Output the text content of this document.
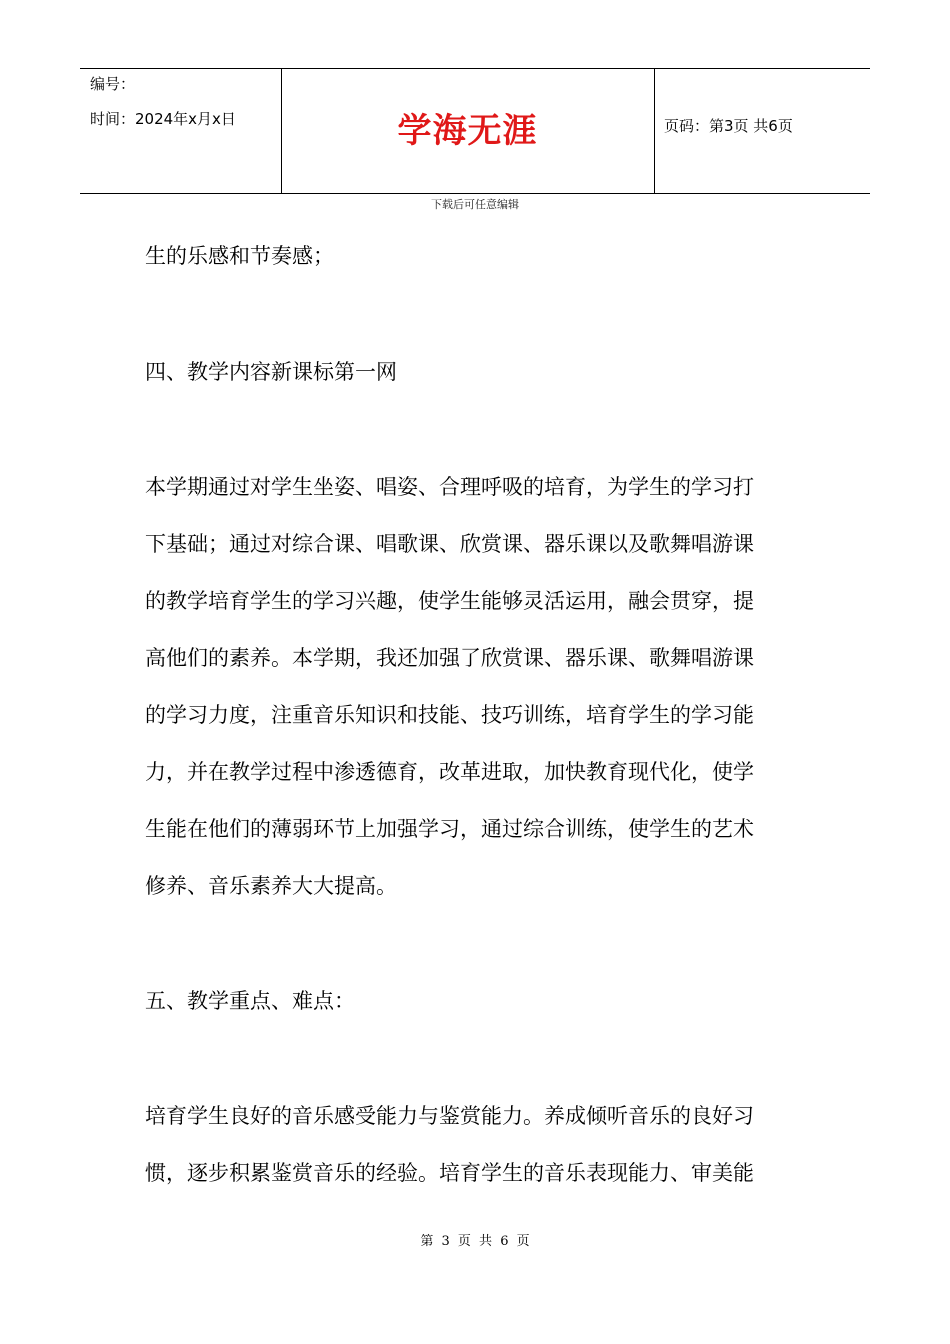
编号：
时间：2024年x月x日	学海无涯	页码：第3页 共6页
下载后可任意编辑
生的乐感和节奏感；
四、教学内容新课标第一网
本学期通过对学生坐姿、唱姿、合理呼吸的培育，为学生的学习打
下基础；通过对综合课、唱歌课、欣赏课、器乐课以及歌舞唱游课
的教学培育学生的学习兴趣，使学生能够灵活运用，融会贯穿，提
高他们的素养。本学期，我还加强了欣赏课、器乐课、歌舞唱游课
的学习力度，注重音乐知识和技能、技巧训练，培育学生的学习能
力，并在教学过程中渗透德育，改革进取，加快教育现代化，使学
生能在他们的薄弱环节上加强学习，通过综合训练，使学生的艺术
修养、音乐素养大大提高。
五、教学重点、难点：
培育学生良好的音乐感受能力与鉴赏能力。养成倾听音乐的良好习
惯，逐步积累鉴赏音乐的经验。培育学生的音乐表现能力、审美能
第 3 页 共 6 页
